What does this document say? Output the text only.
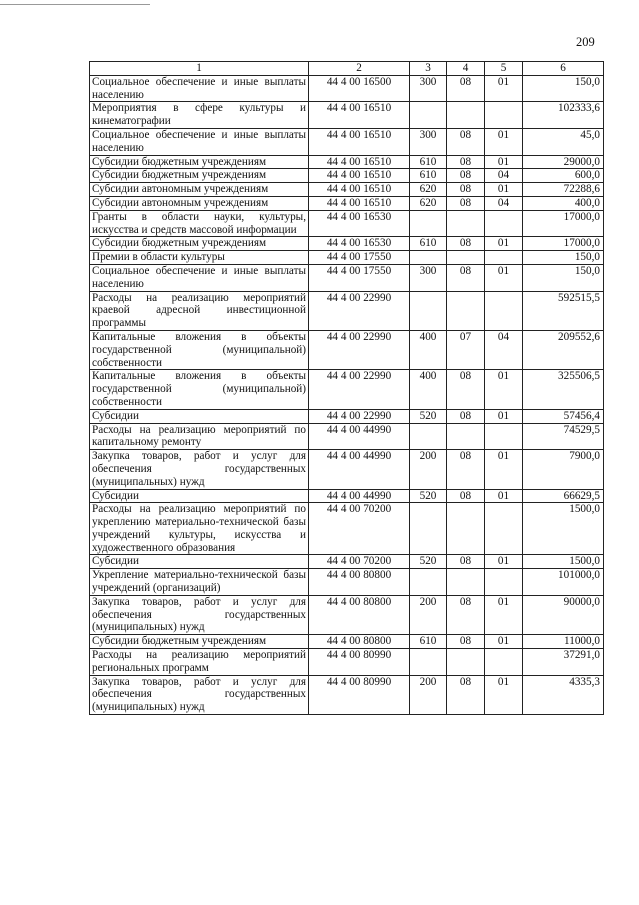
209
1	2	3	4	5	6
Социальное обеспечение и иные выплаты населению	44 4 00 16500	300	08	01	150,0
Мероприятия в сфере культуры и кинематографии	44 4 00 16510				102333,6
Социальное обеспечение и иные выплаты населению	44 4 00 16510	300	08	01	45,0
Субсидии бюджетным учреждениям	44 4 00 16510	610	08	01	29000,0
Субсидии бюджетным учреждениям	44 4 00 16510	610	08	04	600,0
Субсидии автономным учреждениям	44 4 00 16510	620	08	01	72288,6
Субсидии автономным учреждениям	44 4 00 16510	620	08	04	400,0
Гранты в области науки, культуры, искусства и средств массовой информации	44 4 00 16530				17000,0
Субсидии бюджетным учреждениям	44 4 00 16530	610	08	01	17000,0
Премии в области культуры	44 4 00 17550				150,0
Социальное обеспечение и иные выплаты населению	44 4 00 17550	300	08	01	150,0
Расходы на реализацию мероприятий краевой адресной инвестиционной программы	44 4 00 22990				592515,5
Капитальные вложения в объекты государственной (муниципальной) собственности	44 4 00 22990	400	07	04	209552,6
Капитальные вложения в объекты государственной (муниципальной) собственности	44 4 00 22990	400	08	01	325506,5
Субсидии	44 4 00 22990	520	08	01	57456,4
Расходы на реализацию мероприятий по капитальному ремонту	44 4 00 44990				74529,5
Закупка товаров, работ и услуг для обеспечения государственных (муниципальных) нужд	44 4 00 44990	200	08	01	7900,0
Субсидии	44 4 00 44990	520	08	01	66629,5
Расходы на реализацию мероприятий по укреплению материально-технической базы учреждений культуры, искусства и художественного образования	44 4 00 70200				1500,0
Субсидии	44 4 00 70200	520	08	01	1500,0
Укрепление материально-технической базы учреждений (организаций)	44 4 00 80800				101000,0
Закупка товаров, работ и услуг для обеспечения государственных (муниципальных) нужд	44 4 00 80800	200	08	01	90000,0
Субсидии бюджетным учреждениям	44 4 00 80800	610	08	01	11000,0
Расходы на реализацию мероприятий региональных программ	44 4 00 80990				37291,0
Закупка товаров, работ и услуг для обеспечения государственных (муниципальных) нужд	44 4 00 80990	200	08	01	4335,3
